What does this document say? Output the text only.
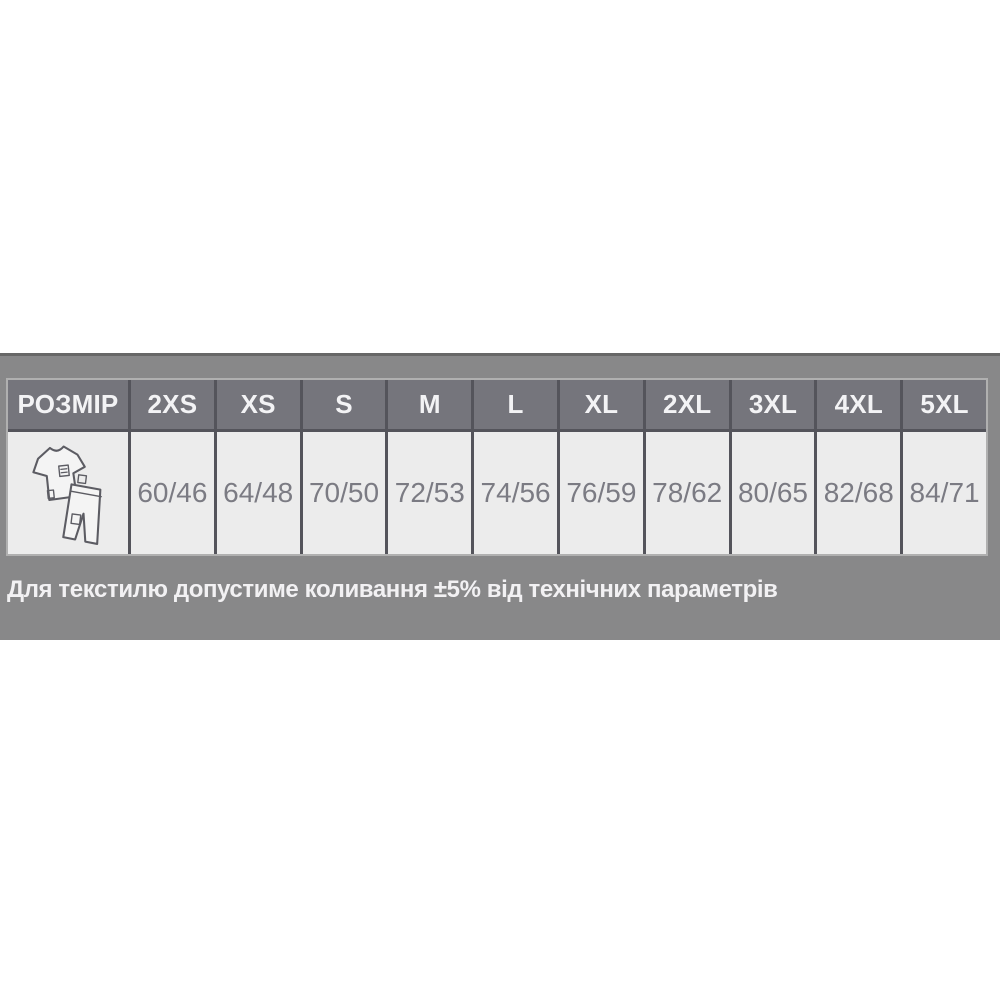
РОЗМІР	2XS	XS	S	M	L	XL	2XL	3XL	4XL	5XL
60/46 64/48 70/50 72/53 74/56 76/59 78/62 80/65 82/68 84/71
Для текстилю допустиме коливання ±5% від технічних параметрів
